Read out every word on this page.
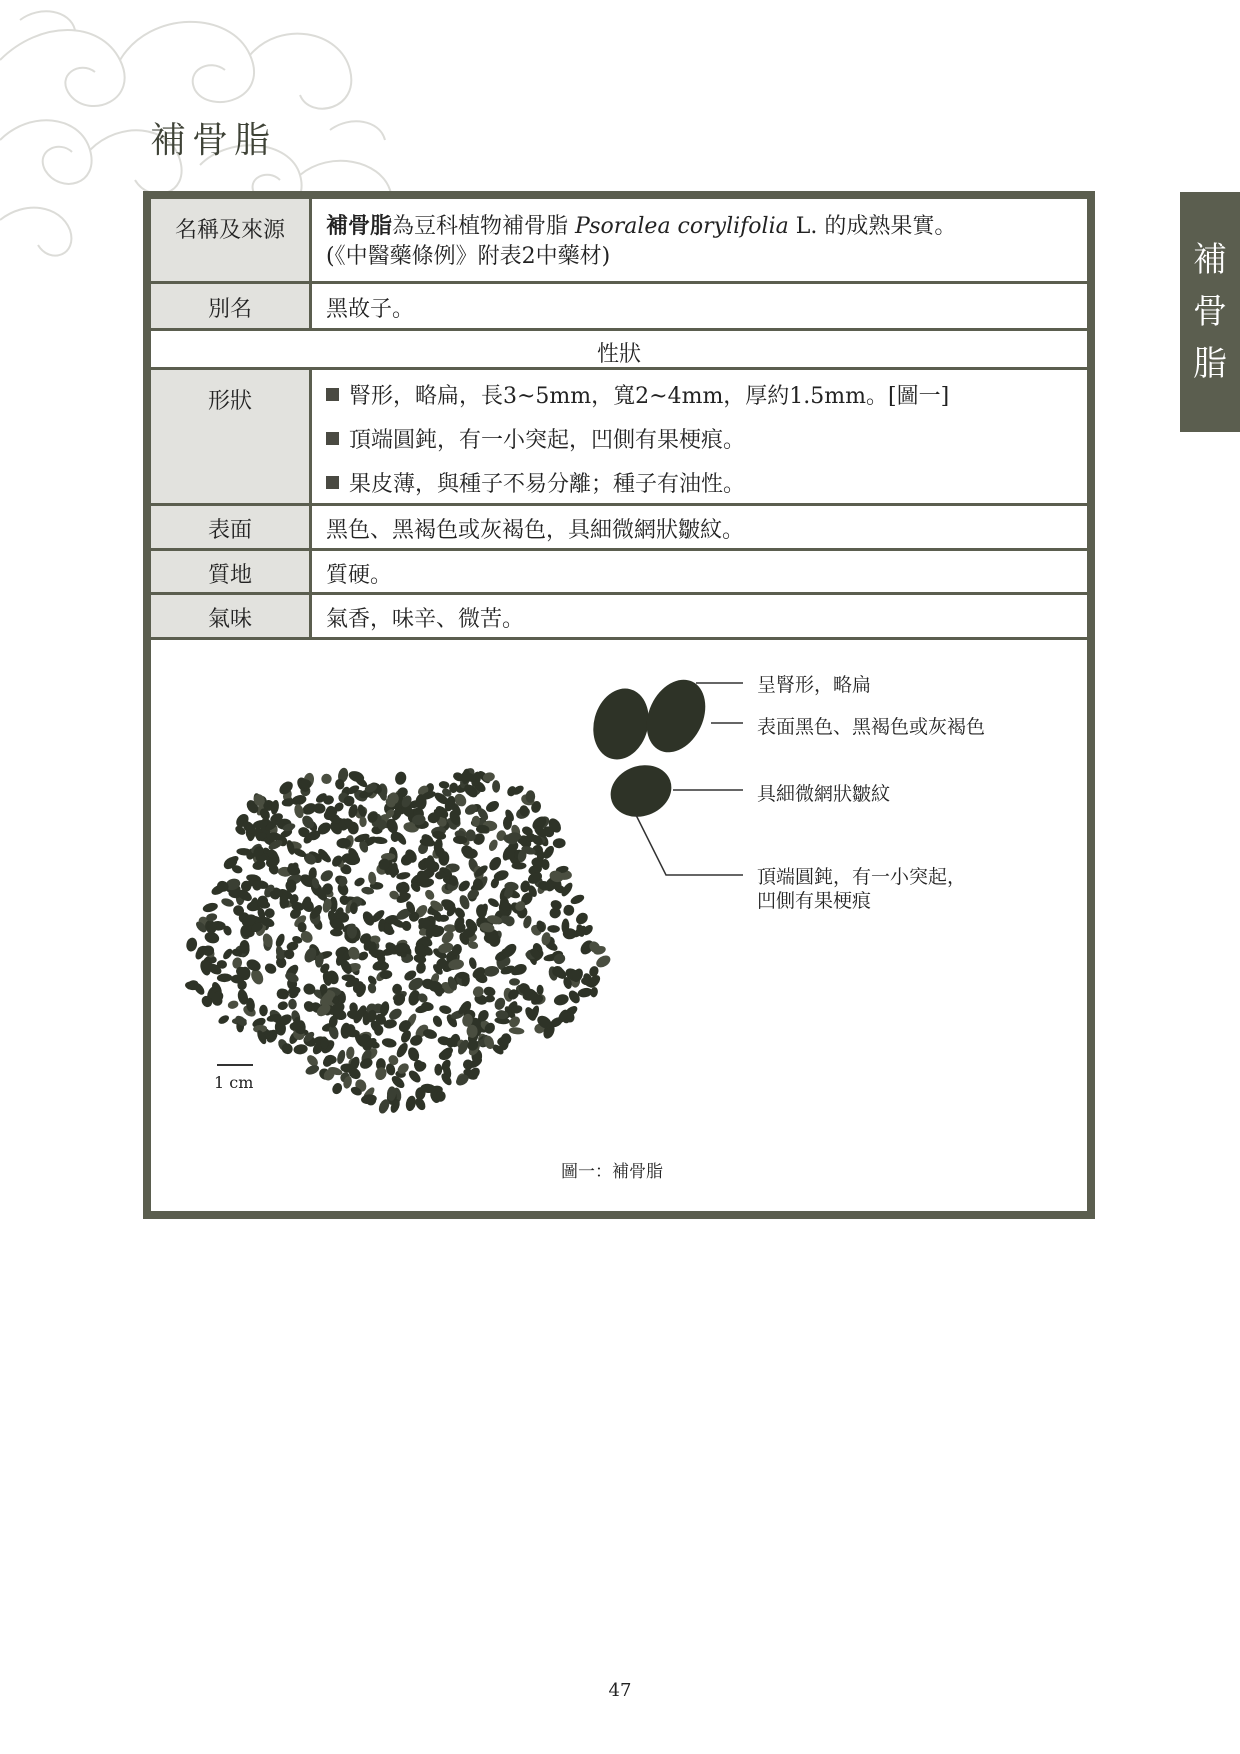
補骨脂
補
骨
脂
名稱及來源	補骨脂為豆科植物補骨脂 Psoralea corylifolia L. 的成熟果實。
(《中醫藥條例》附表2中藥材)
別名	黑故子。
性狀
形狀	腎形，略扁，長3~5mm，寬2~4mm，厚約1.5mm。[圖一]
頂端圓鈍，有一小突起，凹側有果梗痕。
果皮薄，與種子不易分離；種子有油性。
表面	黑色、黑褐色或灰褐色，具細微網狀皺紋。
質地	質硬。
氣味	氣香，味辛、微苦。
呈腎形，略扁
表面黑色、黑褐色或灰褐色
具細微網狀皺紋
頂端圓鈍，有一小突起，
凹側有果梗痕
1 cm
圖一：補骨脂
47
